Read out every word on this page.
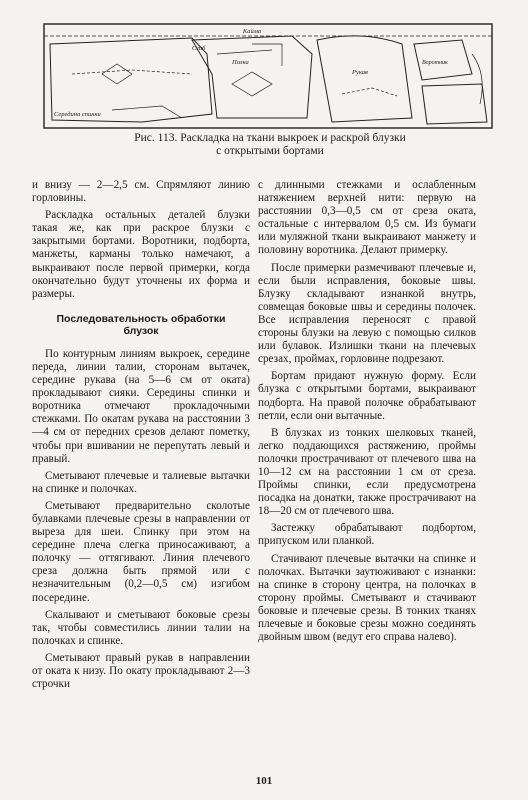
Кайма
Сгиб
Середина спинки
Полка	Воротник
Рукав
Рис. 113. Раскладка на ткани выкроек и раскрой блузки
с открытыми бортами

и внизу — 2—2,5 см. Спрямляют линию горловины.

Раскладка остальных деталей блузки такая же, как при раскрое блузки с закрытыми бортами. Воротники, подборта, манжеты, карманы только намечают, а выкраивают после первой примерки, когда окончательно будут уточнены их форма и размеры.

Последовательность обработки блузок

По контурным линиям выкроек, середине переда, линии талии, сторонам вытачек, середине рукава (на 5—6 см от оката) прокладывают сияки. Середины спинки и воротника отмечают прокладочными стежками. По окатам рукава на расстоянии 3—4 см от передних срезов делают пометку, чтобы при вшивании не перепутать левый и правый.

Сметывают плечевые и талиевые вытачки на спинке и полочках.

Сметывают предварительно сколотые булавками плечевые срезы в направлении от выреза для шеи. Спинку при этом на середине плеча слегка приносаживают, а полочку — оттягивают. Линия плечевого среза должна быть прямой или с незначительным (0,2—0,5 см) изгибом посередине.

Скалывают и сметывают боковые срезы так, чтобы совместились линии талии на полочках и спинке.

Сметывают правый рукав в направлении от оката к низу. По окату прокладывают 2—3 строчки

с длинными стежками и ослабленным натяжением верхней нити: первую на расстоянии 0,3—0,5 см от среза оката, остальные с интервалом 0,5 см. Из бумаги или муляжной ткани выкраивают манжету и половину воротника. Делают примерку.

После примерки размечивают плечевые и, если были исправления, боковые швы. Блузку складывают изнанкой внутрь, совмещая боковые швы и середины полочек. Все исправления переносят с правой стороны блузки на левую с помощью силков или булавок. Излишки ткани на плечевых срезах, проймах, горловине подрезают.

Бортам придают нужную форму. Если блузка с открытыми бортами, выкраивают подборта. На правой полочке обрабатывают петли, если они вытачные.

В блузках из тонких шелковых тканей, легко поддающихся растяжению, проймы полочки прострачивают от плечевого шва на 10—12 см на расстоянии 1 см от среза. Проймы спинки, если предусмотрена посадка на донатки, также прострачивают на 18—20 см от плечевого шва.

Застежку обрабатывают подбортом, припуском или планкой.

Стачивают плечевые вытачки на спинке и полочках. Вытачки заутюживают с изнанки: на спинке в сторону центра, на полочках в сторону проймы. Сметывают и стачивают боковые и плечевые срезы. В тонких тканях плечевые и боковые срезы можно соединять двойным швом (ведут его справа налево).

101
